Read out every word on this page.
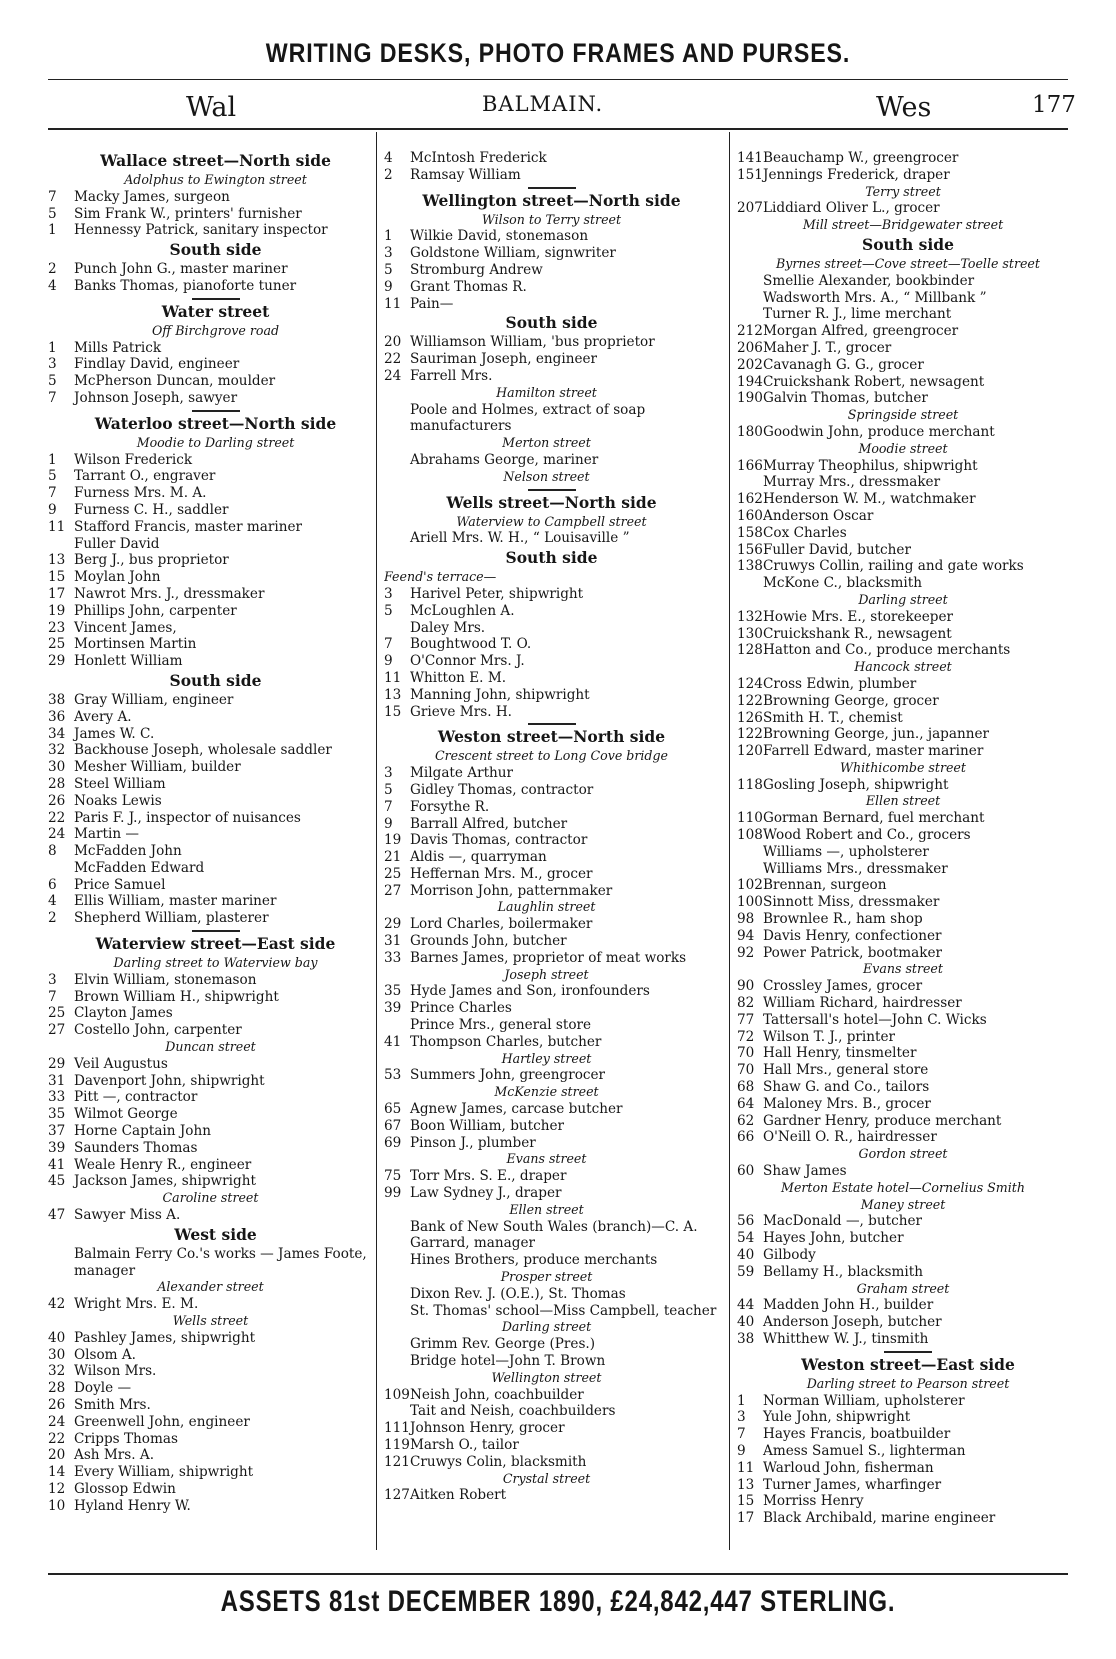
WRITING DESKS, PHOTO FRAMES AND PURSES.
Wal	BALMAIN.	Wes	177
Wallace street—North side
Adolphus to Ewington street
7 Macky James, surgeon
5 Sim Frank W., printers' furnisher
1 Hennessy Patrick, sanitary inspector
South side
2 Punch John G., master mariner
4 Banks Thomas, pianoforte tuner
Water street
Off Birchgrove road
1 Mills Patrick
3 Findlay David, engineer
5 McPherson Duncan, moulder
7 Johnson Joseph, sawyer
Waterloo street—North side
Moodie to Darling street
1 Wilson Frederick
5 Tarrant O., engraver
7 Furness Mrs. M. A.
9 Furness C. H., saddler
11 Stafford Francis, master mariner
Fuller David
13 Berg J., bus proprietor
15 Moylan John
17 Nawrot Mrs. J., dressmaker
19 Phillips John, carpenter
23 Vincent James,
25 Mortinsen Martin
29 Honlett William
South side
38 Gray William, engineer
36 Avery A.
34 James W. C.
32 Backhouse Joseph, wholesale saddler
30 Mesher William, builder
28 Steel William
26 Noaks Lewis
22 Paris F. J., inspector of nuisances
24 Martin —
8 McFadden John
McFadden Edward
6 Price Samuel
4 Ellis William, master mariner
2 Shepherd William, plasterer
Waterview street—East side
Darling street to Waterview bay
3 Elvin William, stonemason
7 Brown William H., shipwright
25 Clayton James
27 Costello John, carpenter
Duncan street
29 Veil Augustus
31 Davenport John, shipwright
33 Pitt —, contractor
35 Wilmot George
37 Horne Captain John
39 Saunders Thomas
41 Weale Henry R., engineer
45 Jackson James, shipwright
Caroline street
47 Sawyer Miss A.
West side
Balmain Ferry Co.'s works — James Foote, manager
Alexander street
42 Wright Mrs. E. M.
Wells street
40 Pashley James, shipwright
30 Olsom A.
32 Wilson Mrs.
28 Doyle —
26 Smith Mrs.
24 Greenwell John, engineer
22 Cripps Thomas
20 Ash Mrs. A.
14 Every William, shipwright
12 Glossop Edwin
10 Hyland Henry W.
4 McIntosh Frederick
2 Ramsay William
Wellington street—North side
Wilson to Terry street
1 Wilkie David, stonemason
3 Goldstone William, signwriter
5 Stromburg Andrew
9 Grant Thomas R.
11 Pain—
South side
20 Williamson William, 'bus proprietor
22 Sauriman Joseph, engineer
24 Farrell Mrs.
Hamilton street
Poole and Holmes, extract of soap manufacturers
Merton street
Abrahams George, mariner
Nelson street
Wells street—North side
Waterview to Campbell street
Ariell Mrs. W. H., “ Louisaville ”
South side
Feend's terrace—
3 Harivel Peter, shipwright
5 McLoughlen A.
Daley Mrs.
7 Boughtwood T. O.
9 O'Connor Mrs. J.
11 Whitton E. M.
13 Manning John, shipwright
15 Grieve Mrs. H.
Weston street—North side
Crescent street to Long Cove bridge
3 Milgate Arthur
5 Gidley Thomas, contractor
7 Forsythe R.
9 Barrall Alfred, butcher
19 Davis Thomas, contractor
21 Aldis —, quarryman
25 Heffernan Mrs. M., grocer
27 Morrison John, patternmaker
Laughlin street
29 Lord Charles, boilermaker
31 Grounds John, butcher
33 Barnes James, proprietor of meat works
Joseph street
35 Hyde James and Son, ironfounders
39 Prince Charles
Prince Mrs., general store
41 Thompson Charles, butcher
Hartley street
53 Summers John, greengrocer
McKenzie street
65 Agnew James, carcase butcher
67 Boon William, butcher
69 Pinson J., plumber
Evans street
75 Torr Mrs. S. E., draper
99 Law Sydney J., draper
Ellen street
Bank of New South Wales (branch)—C. A. Garrard, manager
Hines Brothers, produce merchants
Prosper street
Dixon Rev. J. (O.E.), St. Thomas
St. Thomas' school—Miss Campbell, teacher
Darling street
Grimm Rev. George (Pres.)
Bridge hotel—John T. Brown
Wellington street
109Neish John, coachbuilder
Tait and Neish, coachbuilders
111Johnson Henry, grocer
119Marsh O., tailor
121Cruwys Colin, blacksmith
Crystal street
127Aitken Robert
141Beauchamp W., greengrocer
151Jennings Frederick, draper
Terry street
207Liddiard Oliver L., grocer
Mill street—Bridgewater street
South side
Byrnes street—Cove street—Toelle street
Smellie Alexander, bookbinder
Wadsworth Mrs. A., “ Millbank ”
Turner R. J., lime merchant
212Morgan Alfred, greengrocer
206Maher J. T., grocer
202Cavanagh G. G., grocer
194Cruickshank Robert, newsagent
190Galvin Thomas, butcher
Springside street
180Goodwin John, produce merchant
Moodie street
166Murray Theophilus, shipwright
Murray Mrs., dressmaker
162Henderson W. M., watchmaker
160Anderson Oscar
158Cox Charles
156Fuller David, butcher
138Cruwys Collin, railing and gate works
McKone C., blacksmith
Darling street
132Howie Mrs. E., storekeeper
130Cruickshank R., newsagent
128Hatton and Co., produce merchants
Hancock street
124Cross Edwin, plumber
122Browning George, grocer
126Smith H. T., chemist
122Browning George, jun., japanner
120Farrell Edward, master mariner
Whithicombe street
118Gosling Joseph, shipwright
Ellen street
110Gorman Bernard, fuel merchant
108Wood Robert and Co., grocers
Williams —, upholsterer
Williams Mrs., dressmaker
102Brennan, surgeon
100Sinnott Miss, dressmaker
98 Brownlee R., ham shop
94 Davis Henry, confectioner
92 Power Patrick, bootmaker
Evans street
90 Crossley James, grocer
82 William Richard, hairdresser
77 Tattersall's hotel—John C. Wicks
72 Wilson T. J., printer
70 Hall Henry, tinsmelter
70 Hall Mrs., general store
68 Shaw G. and Co., tailors
64 Maloney Mrs. B., grocer
62 Gardner Henry, produce merchant
66 O'Neill O. R., hairdresser
Gordon street
60 Shaw James
Merton Estate hotel—Cornelius Smith
Maney street
56 MacDonald —, butcher
54 Hayes John, butcher
40 Gilbody
59 Bellamy H., blacksmith
Graham street
44 Madden John H., builder
40 Anderson Joseph, butcher
38 Whitthew W. J., tinsmith
Weston street—East side
Darling street to Pearson street
1 Norman William, upholsterer
3 Yule John, shipwright
7 Hayes Francis, boatbuilder
9 Amess Samuel S., lighterman
11 Warloud John, fisherman
13 Turner James, wharfinger
15 Morriss Henry
17 Black Archibald, marine engineer
ASSETS 81st DECEMBER 1890, £24,842,447 STERLING.
